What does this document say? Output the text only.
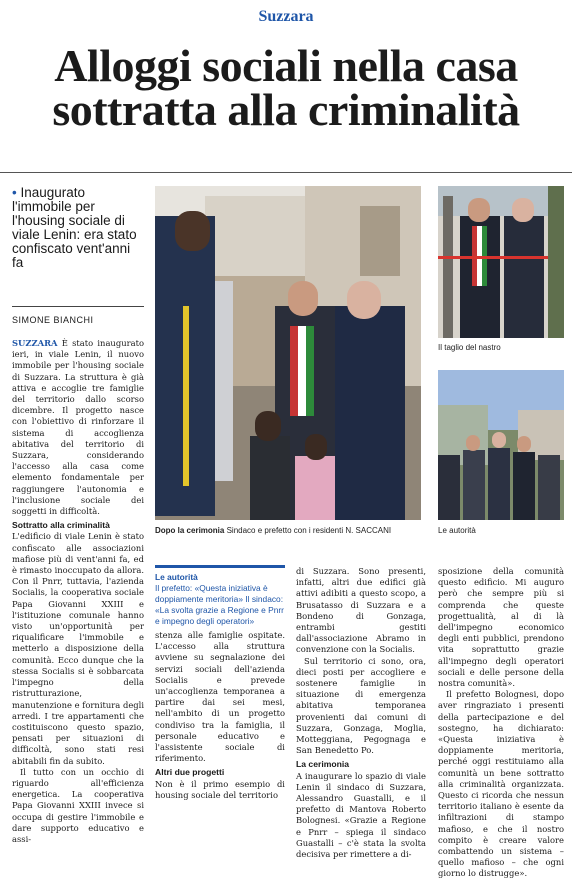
Suzzara
Alloggi sociali nella casa
sottratta alla criminalità
• Inaugurato l'immobile per l'housing sociale di viale Lenin: era stato confiscato vent'anni fa
SIMONE BIANCHI
Dopo la cerimonia Sindaco e prefetto con i residenti N. SACCANI
Il taglio del nastro
Le autorità

SUZZARA È stato inaugurato ieri, in viale Lenin, il nuovo immobile per l'housing sociale di Suzzara. La struttura è già attiva e accoglie tre famiglie del territorio dallo scorso dicembre. Il progetto nasce con l'obiettivo di rinforzare il sistema di accoglienza abitativa del territorio di Suzzara, considerando l'accesso alla casa come elemento fondamentale per raggiungere l'autonomia e l'inclusione sociale dei soggetti in difficoltà.

Sottratto alla criminalità

L'edificio di viale Lenin è stato confiscato alle associazioni mafiose più di vent'anni fa, ed è rimasto inoccupato da allora. Con il Pnrr, tuttavia, l'azienda Socialis, la cooperativa sociale Papa Giovanni XXIII e l'istituzione comunale hanno visto un'opportunità per riqualificare l'immobile e metterlo a disposizione della comunità. Ecco dunque che la stessa Socialis si è sobbarcata l'impegno della ristrutturazione, manutenzione e fornitura degli arredi. I tre appartamenti che costituiscono questo spazio, pensati per situazioni di difficoltà, sono stati resi abitabili fin da subito.

Il tutto con un occhio di riguardo all'efficienza energetica. La cooperativa Papa Giovanni XXIII invece si occupa di gestire l'immobile e dare supporto educativo e assi-

Le autorità
Il prefetto: «Questa iniziativa è doppiamente meritoria» Il sindaco: «La svolta grazie a Regione e Pnrr e impegno degli operatori»

stenza alle famiglie ospitate. L'accesso alla struttura avviene su segnalazione dei servizi sociali dell'azienda Socialis e prevede un'accoglienza temporanea a partire dai sei mesi, nell'ambito di un progetto condiviso tra la famiglia, il personale educativo e l'assistente sociale di riferimento.

Altri due progetti

Non è il primo esempio di housing sociale del territorio

di Suzzara. Sono presenti, infatti, altri due edifici già attivi adibiti a questo scopo, a Brusatasso di Suzzara e a Bondeno di Gonzaga, entrambi gestiti dall'associazione Abramo in convenzione con la Socialis.

Sul territorio ci sono, ora, dieci posti per accogliere e sostenere famiglie in situazione di emergenza abitativa temporanea provenienti dai comuni di Suzzara, Gonzaga, Moglia, Motteggiana, Pegognaga e San Benedetto Po.

La cerimonia

A inaugurare lo spazio di viale Lenin il sindaco di Suzzara, Alessandro Guastalli, e il prefetto di Mantova Roberto Bolognesi. «Grazie a Regione e Pnrr – spiega il sindaco Guastalli – c'è stata la svolta decisiva per rimettere a di-

sposizione della comunità questo edificio. Mi auguro però che sempre più si comprenda che queste progettualità, al di là dell'impegno economico degli enti pubblici, prendono vita soprattutto grazie all'impegno degli operatori sociali e delle persone della nostra comunità».

Il prefetto Bolognesi, dopo aver ringraziato i presenti della partecipazione e del sostegno, ha dichiarato: «Questa iniziativa è doppiamente meritoria, perché oggi restituiamo alla comunità un bene sottratto alla criminalità organizzata. Questo ci ricorda che nessun territorio italiano è esente da infiltrazioni di stampo mafioso, e che il nostro compito è creare valore combattendo un sistema – quello mafioso – che ogni giorno lo distrugge».
